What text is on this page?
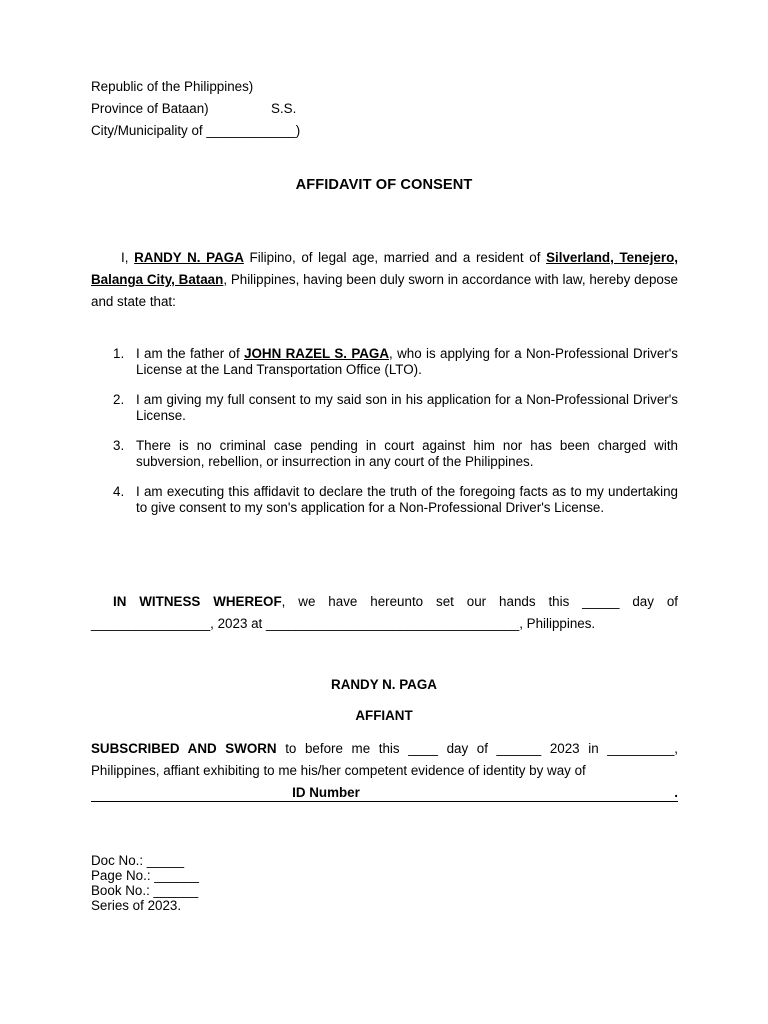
Republic of the Philippines)
Province of Bataan)	S.S.
City/Municipality of ____________)
AFFIDAVIT OF CONSENT
I, RANDY N. PAGA Filipino, of legal age, married and a resident of Silverland, Tenejero, Balanga City, Bataan, Philippines, having been duly sworn in accordance with law, hereby depose and state that:
1. I am the father of JOHN RAZEL S. PAGA, who is applying for a Non-Professional Driver's License at the Land Transportation Office (LTO).
2. I am giving my full consent to my said son in his application for a Non-Professional Driver's License.
3. There is no criminal case pending in court against him nor has been charged with subversion, rebellion, or insurrection in any court of the Philippines.
4. I am executing this affidavit to declare the truth of the foregoing facts as to my undertaking to give consent to my son's application for a Non-Professional Driver's License.
IN WITNESS WHEREOF, we have hereunto set our hands this _____ day of ________________, 2023 at __________________________________, Philippines.
RANDY N. PAGA
AFFIANT
SUBSCRIBED AND SWORN to before me this ____ day of ______ 2023 in _________, Philippines, affiant exhibiting to me his/her competent evidence of identity by way of
ID Number	.
Doc No.: _____
Page No.: ______
Book No.: ______
Series of 2023.
